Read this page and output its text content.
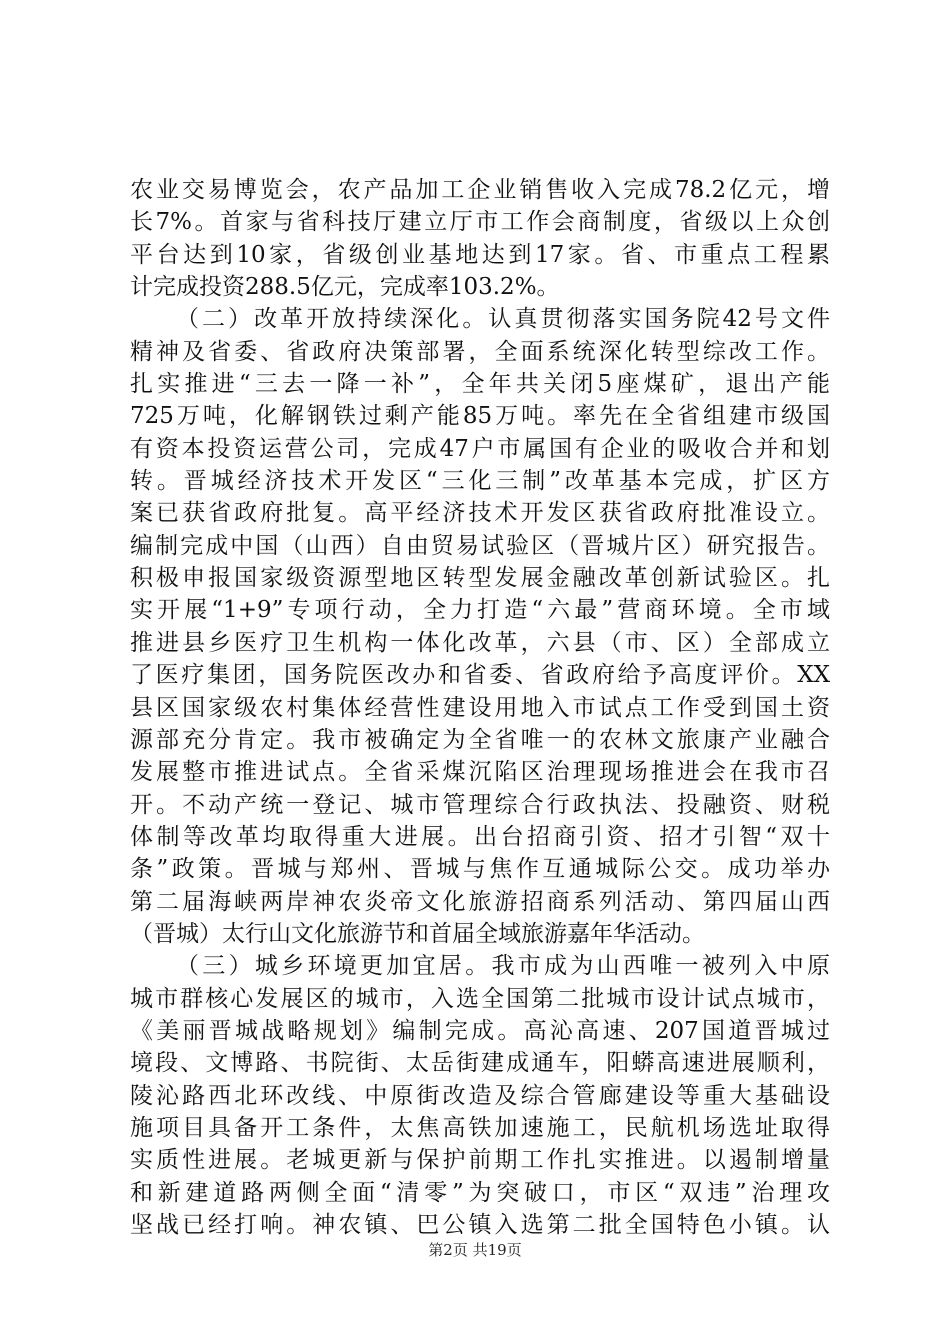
农业交易博览会，农产品加工企业销售收入完成78.2亿元，增
长7%。首家与省科技厅建立厅市工作会商制度，省级以上众创
平台达到10家，省级创业基地达到17家。省、市重点工程累
计完成投资288.5亿元，完成率103.2%。
（二）改革开放持续深化。认真贯彻落实国务院42号文件
精神及省委、省政府决策部署，全面系统深化转型综改工作。
扎实推进“三去一降一补”，全年共关闭5座煤矿，退出产能
725万吨，化解钢铁过剩产能85万吨。率先在全省组建市级国
有资本投资运营公司，完成47户市属国有企业的吸收合并和划
转。晋城经济技术开发区“三化三制”改革基本完成，扩区方
案已获省政府批复。高平经济技术开发区获省政府批准设立。
编制完成中国（山西）自由贸易试验区（晋城片区）研究报告。
积极申报国家级资源型地区转型发展金融改革创新试验区。扎
实开展“1+9”专项行动，全力打造“六最”营商环境。全市域
推进县乡医疗卫生机构一体化改革，六县（市、区）全部成立
了医疗集团，国务院医改办和省委、省政府给予高度评价。XX
县区国家级农村集体经营性建设用地入市试点工作受到国土资
源部充分肯定。我市被确定为全省唯一的农林文旅康产业融合
发展整市推进试点。全省采煤沉陷区治理现场推进会在我市召
开。不动产统一登记、城市管理综合行政执法、投融资、财税
体制等改革均取得重大进展。出台招商引资、招才引智“双十
条”政策。晋城与郑州、晋城与焦作互通城际公交。成功举办
第二届海峡两岸神农炎帝文化旅游招商系列活动、第四届山西
（晋城）太行山文化旅游节和首届全域旅游嘉年华活动。
（三）城乡环境更加宜居。我市成为山西唯一被列入中原
城市群核心发展区的城市，入选全国第二批城市设计试点城市，
《美丽晋城战略规划》编制完成。高沁高速、207国道晋城过
境段、文博路、书院街、太岳街建成通车，阳蟒高速进展顺利，
陵沁路西北环改线、中原街改造及综合管廊建设等重大基础设
施项目具备开工条件，太焦高铁加速施工，民航机场选址取得
实质性进展。老城更新与保护前期工作扎实推进。以遏制增量
和新建道路两侧全面“清零”为突破口，市区“双违”治理攻
坚战已经打响。神农镇、巴公镇入选第二批全国特色小镇。认
第2页 共19页
